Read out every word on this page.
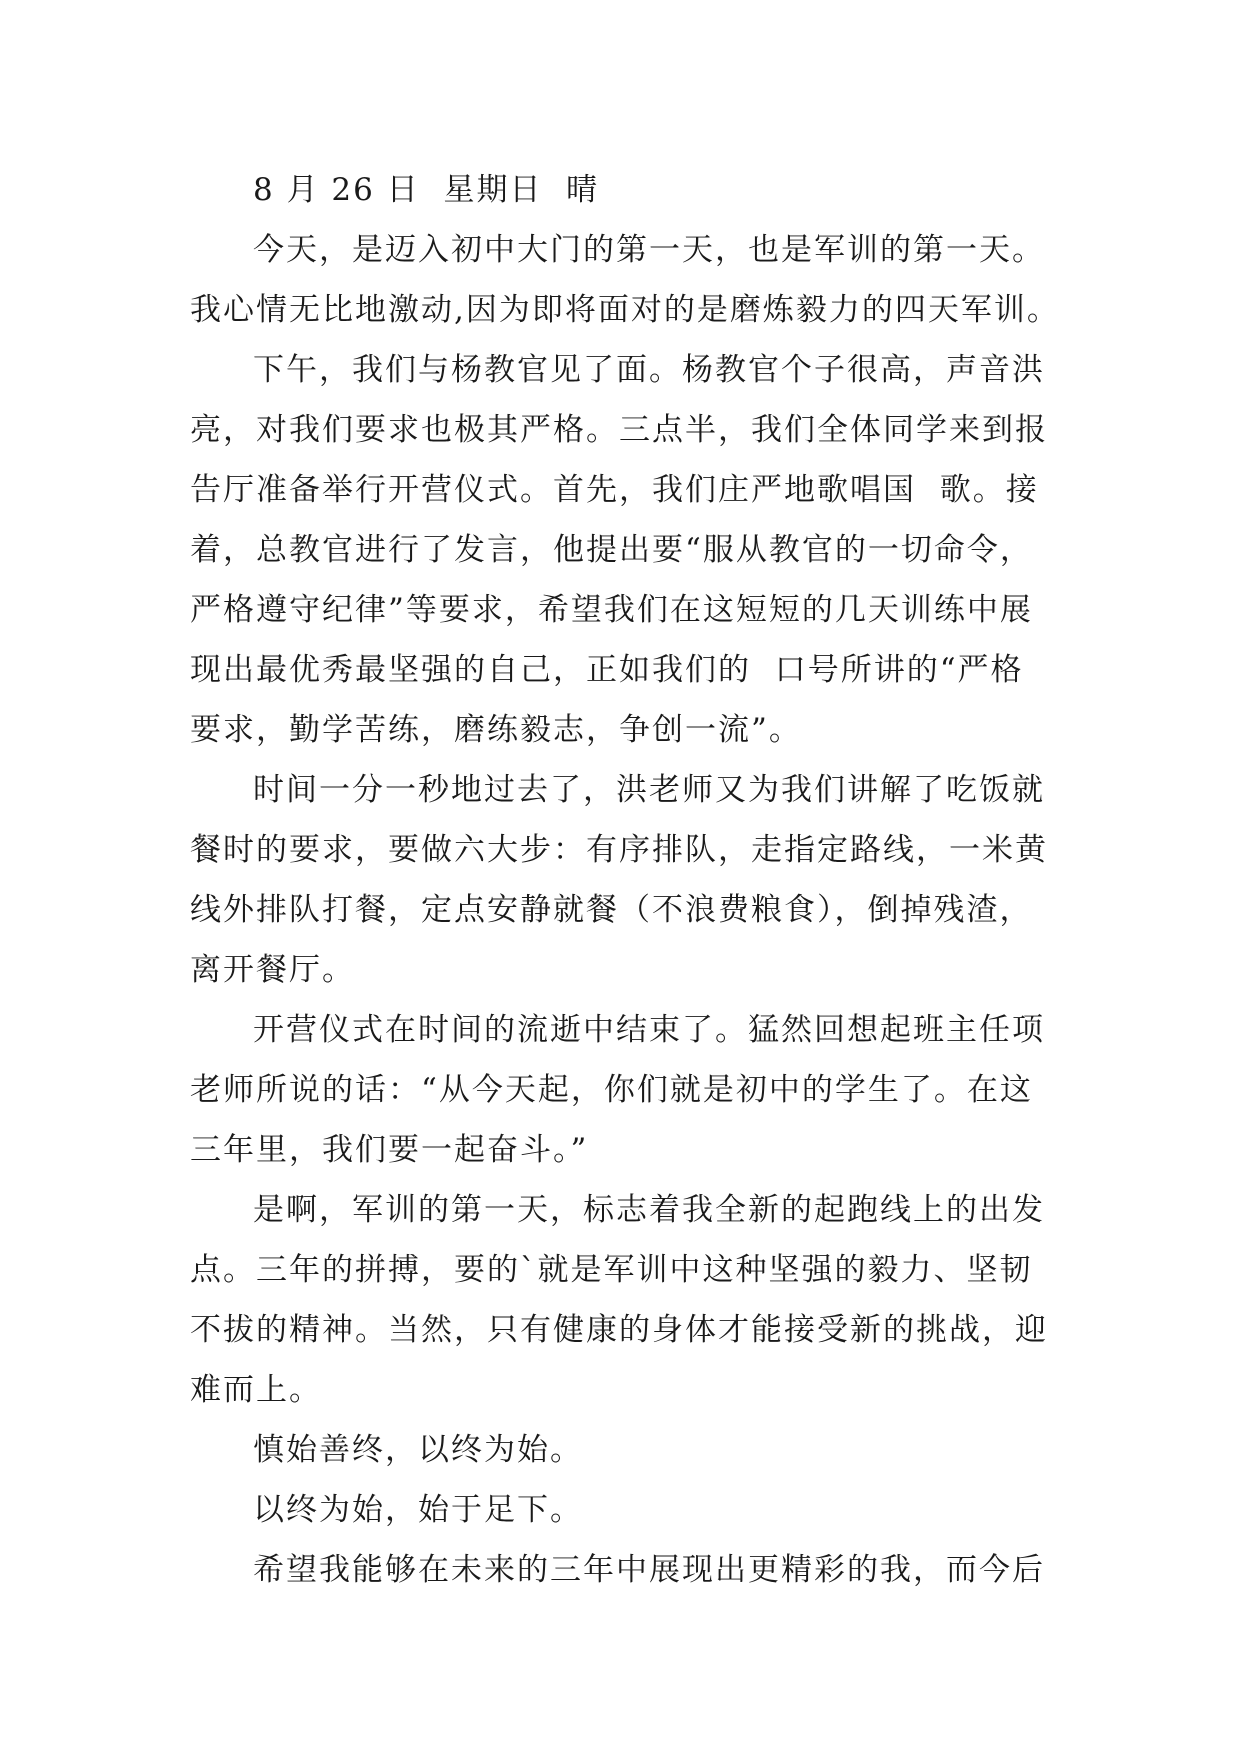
8 月 26 日  星期日  晴

今天，是迈入初中大门的第一天，也是军训的第一天。

我心情无比地激动,因为即将面对的是磨炼毅力的四天军训。

下午，我们与杨教官见了面。杨教官个子很高，声音洪

亮，对我们要求也极其严格。三点半，我们全体同学来到报

告厅准备举行开营仪式。首先，我们庄严地歌唱国  歌。接

着，总教官进行了发言，他提出要“服从教官的一切命令，

严格遵守纪律”等要求，希望我们在这短短的几天训练中展

现出最优秀最坚强的自己，正如我们的  口号所讲的“严格

要求，勤学苦练，磨练毅志，争创一流”。

时间一分一秒地过去了，洪老师又为我们讲解了吃饭就

餐时的要求，要做六大步：有序排队，走指定路线，一米黄

线外排队打餐，定点安静就餐（不浪费粮食），倒掉残渣，

离开餐厅。

开营仪式在时间的流逝中结束了。猛然回想起班主任项

老师所说的话：“从今天起，你们就是初中的学生了。在这

三年里，我们要一起奋斗。”

是啊，军训的第一天，标志着我全新的起跑线上的出发

点。三年的拼搏，要的`就是军训中这种坚强的毅力、坚韧

不拔的精神。当然，只有健康的身体才能接受新的挑战，迎

难而上。

慎始善终，以终为始。

以终为始，始于足下。

希望我能够在未来的三年中展现出更精彩的我，而今后
